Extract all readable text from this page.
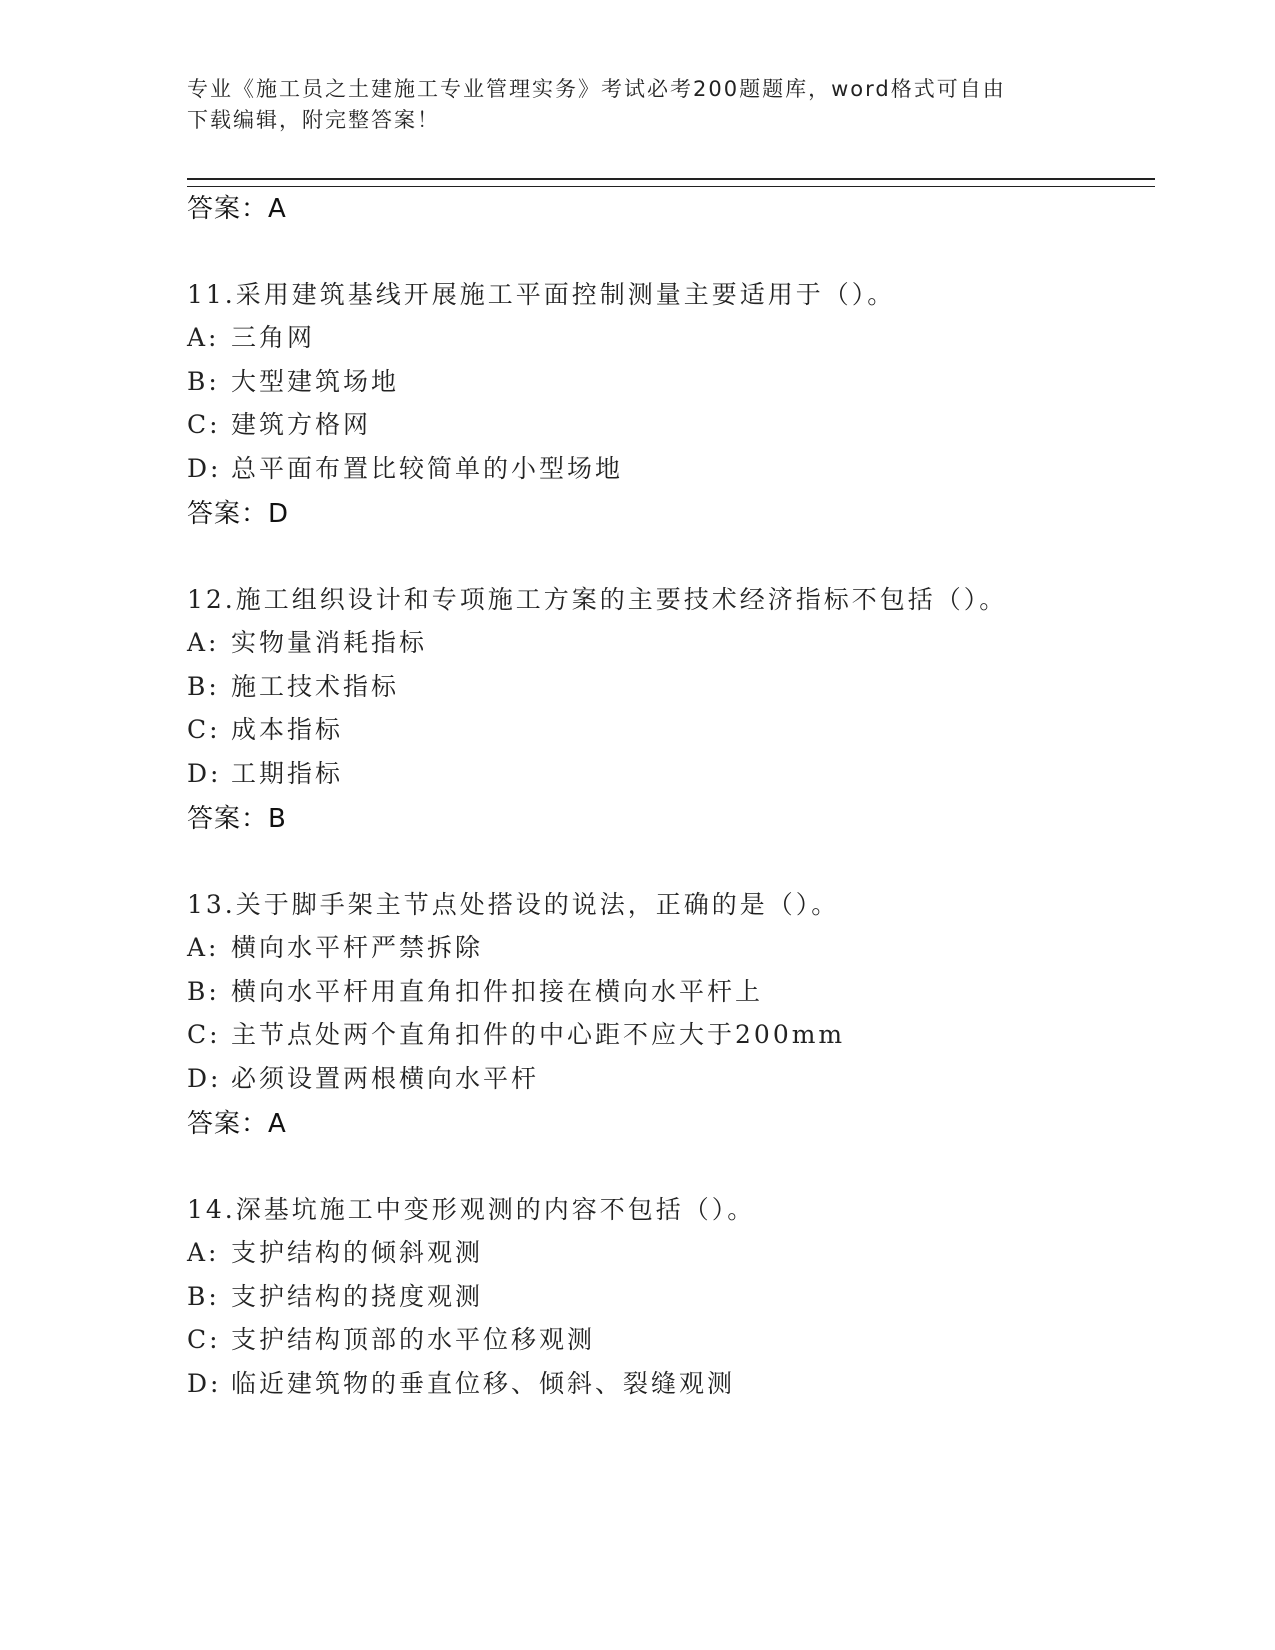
专业《施工员之土建施工专业管理实务》考试必考200题题库，word格式可自由
下载编辑，附完整答案！
答案：A
11.采用建筑基线开展施工平面控制测量主要适用于（）。
A: 三角网
B: 大型建筑场地
C: 建筑方格网
D: 总平面布置比较简单的小型场地
答案：D
12.施工组织设计和专项施工方案的主要技术经济指标不包括（）。
A: 实物量消耗指标
B: 施工技术指标
C: 成本指标
D: 工期指标
答案：B
13.关于脚手架主节点处搭设的说法，正确的是（）。
A: 横向水平杆严禁拆除
B: 横向水平杆用直角扣件扣接在横向水平杆上
C: 主节点处两个直角扣件的中心距不应大于200mm
D: 必须设置两根横向水平杆
答案：A
14.深基坑施工中变形观测的内容不包括（）。
A: 支护结构的倾斜观测
B: 支护结构的挠度观测
C: 支护结构顶部的水平位移观测
D: 临近建筑物的垂直位移、倾斜、裂缝观测
